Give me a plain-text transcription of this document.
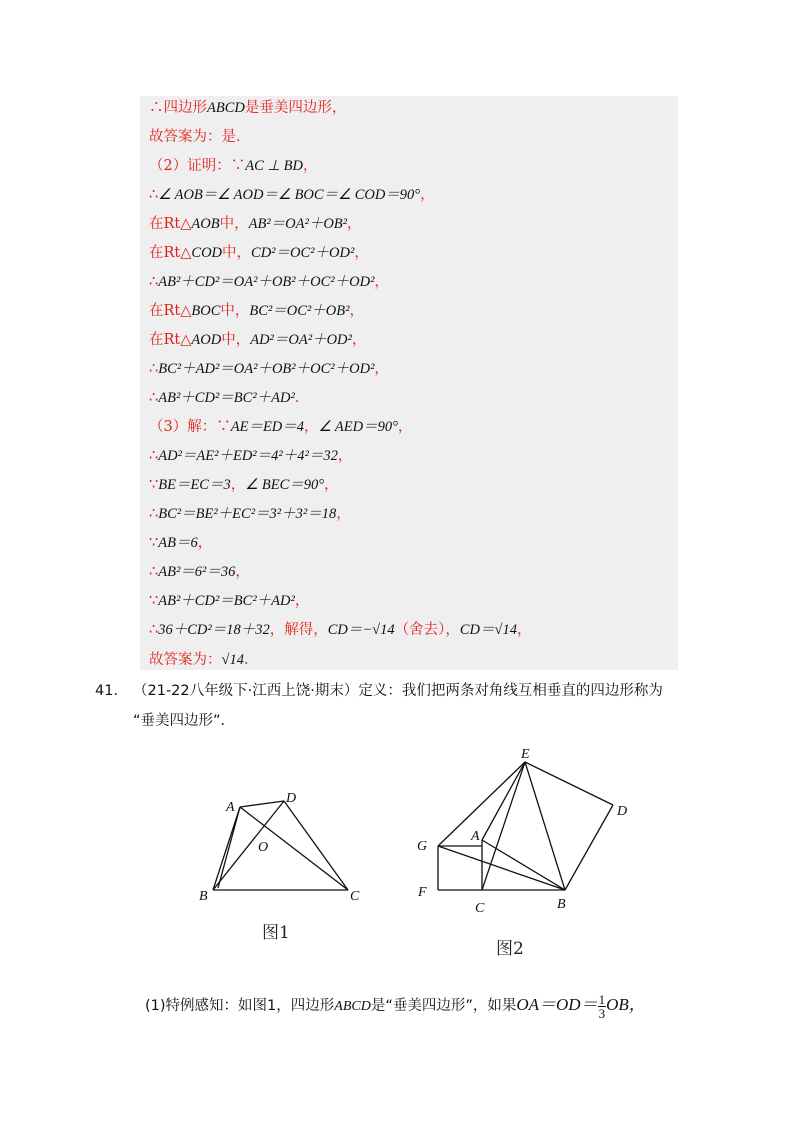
∴四边形ABCD是垂美四边形，
故答案为：是．
（2）证明：∵AC ⊥ BD，
∴∠ AOB＝∠ AOD＝∠ BOC＝∠ COD＝90°，
在Rt△AOB中，AB²＝OA²＋OB²，
在Rt△COD中，CD²＝OC²＋OD²，
∴AB²＋CD²＝OA²＋OB²＋OC²＋OD²，
在Rt△BOC中，BC²＝OC²＋OB²，
在Rt△AOD中，AD²＝OA²＋OD²，
∴BC²＋AD²＝OA²＋OB²＋OC²＋OD²，
∴AB²＋CD²＝BC²＋AD²．
（3）解：∵AE＝ED＝4，∠ AED＝90°，
∴AD²＝AE²＋ED²＝4²＋4²＝32，
∵BE＝EC＝3，∠ BEC＝90°，
∴BC²＝BE²＋EC²＝3²＋3²＝18，
∵AB＝6，
∴AB²＝6²＝36，
∵AB²＋CD²＝BC²＋AD²，
∴36＋CD²＝18＋32，解得，CD＝−√14（舍去），CD＝√14，
故答案为：√14．
41． （21-22八年级下·江西上饶·期末）定义：我们把两条对角线互相垂直的四边形称为
“垂美四边形”．
A
D
O
B	C
图1
E
D
A
G
F
C	B
图2
(1)特例感知：如图1，四边形ABCD是“垂美四边形”，如果$OA=OD= \frac{1}{3}$ OB，
